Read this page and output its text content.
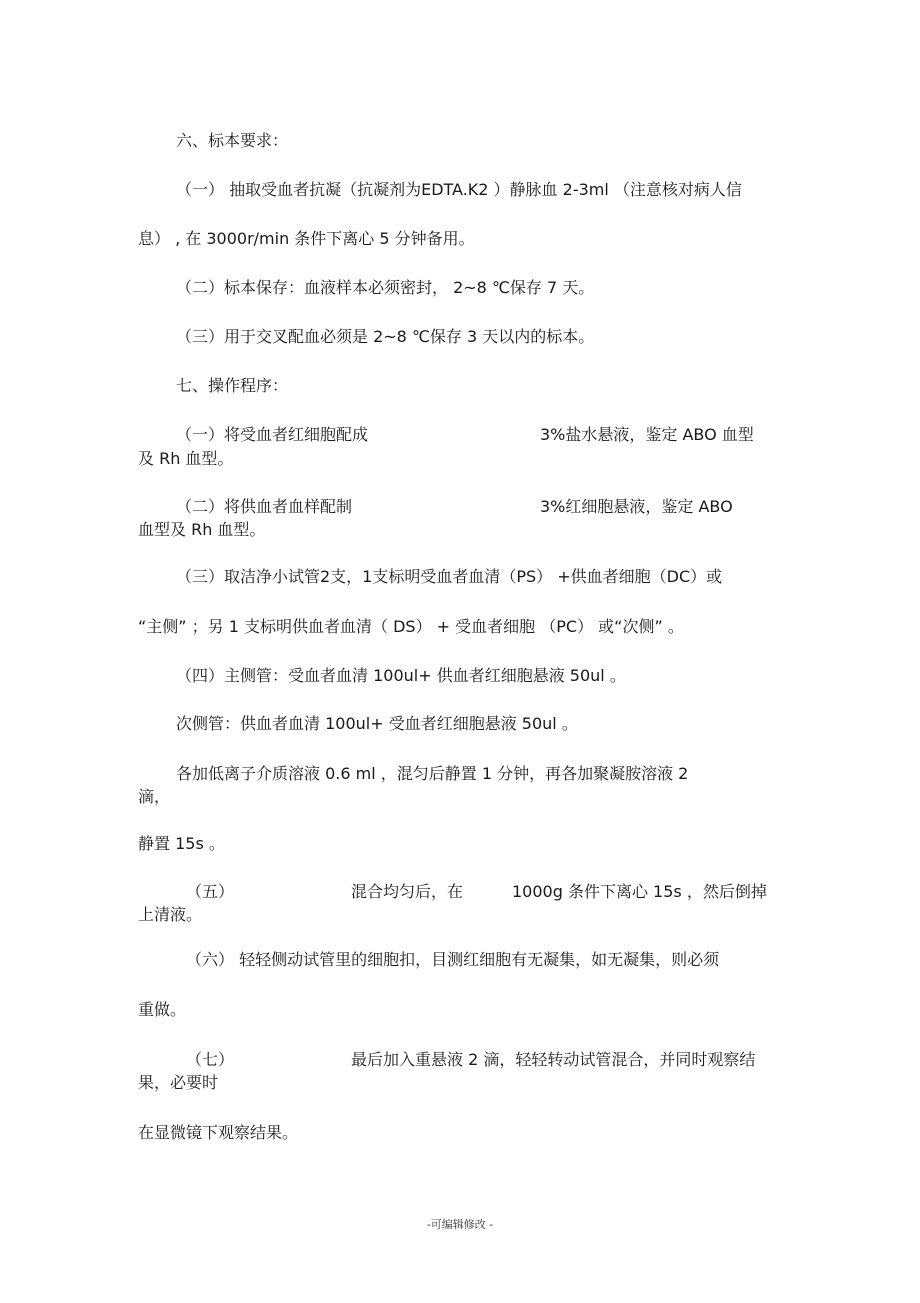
六、标本要求：
（一） 抽取受血者抗凝（抗凝剂为EDTA.K2 ）静脉血 2-3ml （注意核对病人信
息） , 在 3000r/min 条件下离心 5 分钟备用。
（二）标本保存：血液样本必须密封， 2~8 ℃保存 7 天。
（三）用于交叉配血必须是 2~8 ℃保存 3 天以内的标本。
七、操作程序：
（一）将受血者红细胞配成	3%盐水悬液，鉴定 ABO 血型
及 Rh 血型。
（二）将供血者血样配制	3%红细胞悬液，鉴定 ABO
血型及 Rh 血型。
（三）取洁净小试管2支，1支标明受血者血清（PS） +供血者细胞（DC）或
“主侧” ；另 1 支标明供血者血清（ DS） + 受血者细胞 （PC） 或“次侧” 。
（四）主侧管：受血者血清 100ul+ 供血者红细胞悬液 50ul 。
次侧管：供血者血清 100ul+ 受血者红细胞悬液 50ul 。
各加低离子介质溶液 0.6 ml ，混匀后静置 1 分钟，再各加聚凝胺溶液 2
滴，
静置 15s 。
（五）	混合均匀后，在	1000g 条件下离心 15s ，然后倒掉
上清液。
（六） 轻轻侧动试管里的细胞扣，目测红细胞有无凝集，如无凝集，则必须
重做。
（七）	最后加入重悬液 2 滴，轻轻转动试管混合，并同时观察结
果，必要时
在显微镜下观察结果。
-可编辑修改 -
